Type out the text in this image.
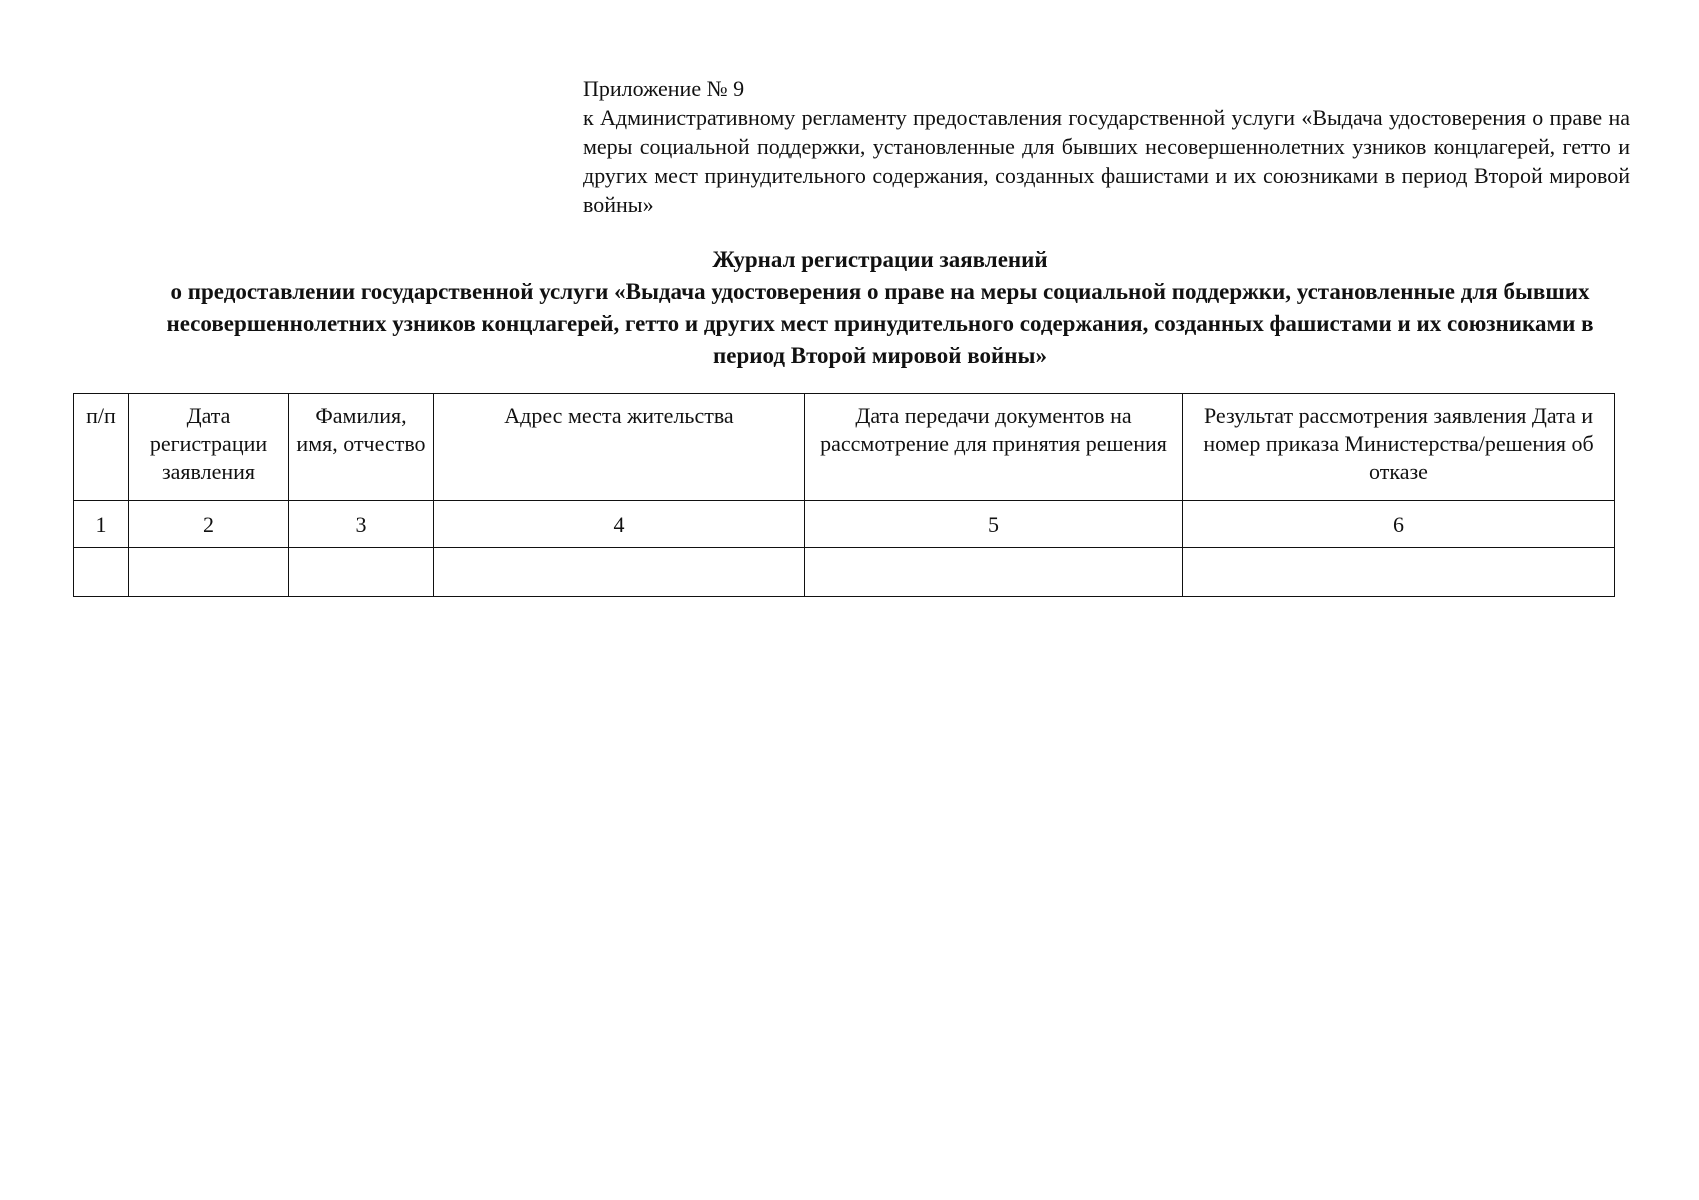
Приложение № 9
к Административному регламенту предоставления государственной услуги «Выдача удостоверения о праве на меры социальной поддержки, установленные для бывших несовершеннолетних узников концлагерей, гетто и других мест принудительного содержания, созданных фашистами и их союзниками в период Второй мировой войны»
Журнал регистрации заявлений
о предоставлении государственной услуги «Выдача удостоверения о праве на меры социальной поддержки, установленные для бывших несовершеннолетних узников концлагерей, гетто и других мест принудительного содержания, созданных фашистами и их союзниками в период Второй мировой войны»
п/п	Дата регистрации заявления	Фамилия, имя, отчество	Адрес места жительства	Дата передачи документов на рассмотрение для принятия решения	Результат рассмотрения заявления Дата и номер приказа Министерства/решения об отказе
1	2	3	4	5	6
